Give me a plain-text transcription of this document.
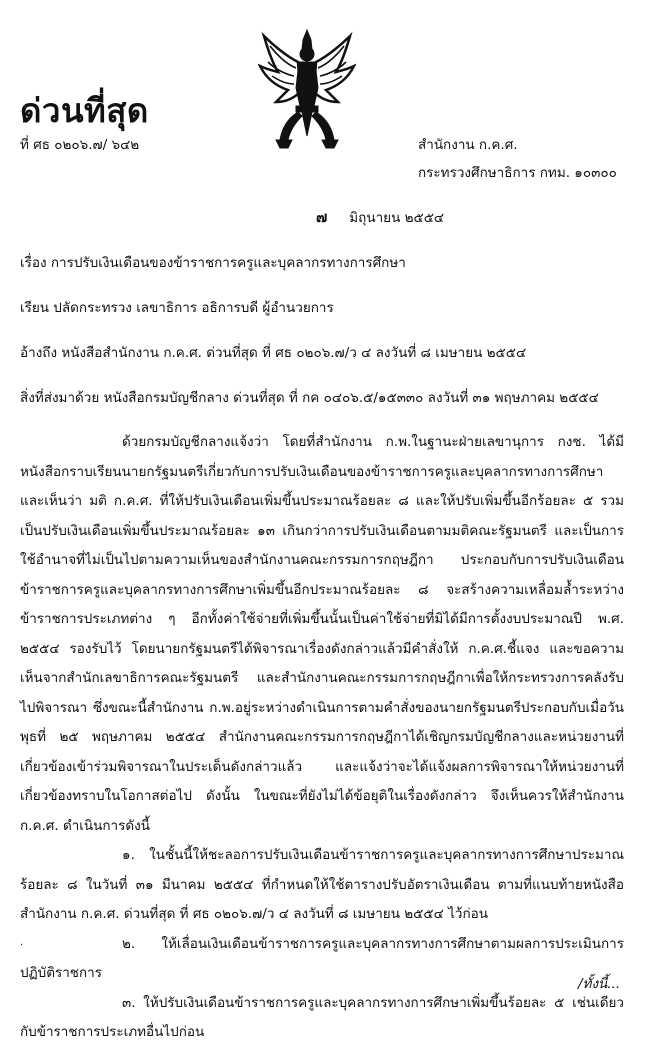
ด่วนที่สุด
ที่ ศธ ๐๒๐๖.๗/ ๖๔๒	สำนักงาน ก.ค.ศ.
กระทรวงศึกษาธิการ กทม. ๑๐๓๐๐
๗ มิถุนายน ๒๕๕๔
เรื่อง การปรับเงินเดือนของข้าราชการครูและบุคลากรทางการศึกษา
เรียน ปลัดกระทรวง เลขาธิการ อธิการบดี ผู้อำนวยการ
อ้างถึง หนังสือสำนักงาน ก.ค.ศ. ด่วนที่สุด ที่ ศธ ๐๒๐๖.๗/ว ๔ ลงวันที่ ๘ เมษายน ๒๕๕๔
สิ่งที่ส่งมาด้วย หนังสือกรมบัญชีกลาง ด่วนที่สุด ที่ กค ๐๔๐๖.๕/๑๕๓๓๐ ลงวันที่ ๓๑ พฤษภาคม ๒๕๕๔

ด้วยกรมบัญชีกลางแจ้งว่า โดยที่สำนักงาน ก.พ.ในฐานะฝ่ายเลขานุการ กงช. ได้มีหนังสือกราบเรียนนายกรัฐมนตรีเกี่ยวกับการปรับเงินเดือนของข้าราชการครูและบุคลากรทางการศึกษา และเห็นว่า มติ ก.ค.ศ. ที่ให้ปรับเงินเดือนเพิ่มขึ้นประมาณร้อยละ ๘ และให้ปรับเพิ่มขึ้นอีกร้อยละ ๕ รวมเป็นปรับเงินเดือนเพิ่มขึ้นประมาณร้อยละ ๑๓ เกินกว่าการปรับเงินเดือนตามมติคณะรัฐมนตรี และเป็นการใช้อำนาจที่ไม่เป็นไปตามความเห็นของสำนักงานคณะกรรมการกฤษฎีกา ประกอบกับการปรับเงินเดือนข้าราชการครูและบุคลากรทางการศึกษาเพิ่มขึ้นอีกประมาณร้อยละ ๘ จะสร้างความเหลื่อมล้ำระหว่างข้าราชการประเภทต่าง ๆ อีกทั้งค่าใช้จ่ายที่เพิ่มขึ้นนั้นเป็นค่าใช้จ่ายที่มิได้มีการตั้งงบประมาณปี พ.ศ. ๒๕๕๔ รองรับไว้ โดยนายกรัฐมนตรีได้พิจารณาเรื่องดังกล่าวแล้วมีคำสั่งให้ ก.ค.ศ.ชี้แจง และขอความเห็นจากสำนักเลขาธิการคณะรัฐมนตรี และสำนักงานคณะกรรมการกฤษฎีกาเพื่อให้กระทรวงการคลังรับไปพิจารณา ซึ่งขณะนี้สำนักงาน ก.พ.อยู่ระหว่างดำเนินการตามคำสั่งของนายกรัฐมนตรีประกอบกับเมื่อวันพุธที่ ๒๕ พฤษภาคม ๒๕๕๔ สำนักงานคณะกรรมการกฤษฎีกาได้เชิญกรมบัญชีกลางและหน่วยงานที่เกี่ยวข้องเข้าร่วมพิจารณาในประเด็นดังกล่าวแล้ว และแจ้งว่าจะได้แจ้งผลการพิจารณาให้หน่วยงานที่เกี่ยวข้องทราบในโอกาสต่อไป ดังนั้น ในขณะที่ยังไม่ได้ข้อยุติในเรื่องดังกล่าว จึงเห็นควรให้สำนักงาน ก.ค.ศ. ดำเนินการดังนี้

๑. ในชั้นนี้ให้ชะลอการปรับเงินเดือนข้าราชการครูและบุคลากรทางการศึกษาประมาณร้อยละ ๘ ในวันที่ ๓๑ มีนาคม ๒๕๕๔ ที่กำหนดให้ใช้ตารางปรับอัตราเงินเดือน ตามที่แนบท้ายหนังสือสำนักงาน ก.ค.ศ. ด่วนที่สุด ที่ ศธ ๐๒๐๖.๗/ว ๔ ลงวันที่ ๘ เมษายน ๒๕๕๔ ไว้ก่อน

๒. ให้เลื่อนเงินเดือนข้าราชการครูและบุคลากรทางการศึกษาตามผลการประเมินการปฏิบัติราชการ

๓. ให้ปรับเงินเดือนข้าราชการครูและบุคลากรทางการศึกษาเพิ่มขึ้นร้อยละ ๕ เช่นเดียวกับข้าราชการประเภทอื่นไปก่อน

·
/ทั้งนี้...
